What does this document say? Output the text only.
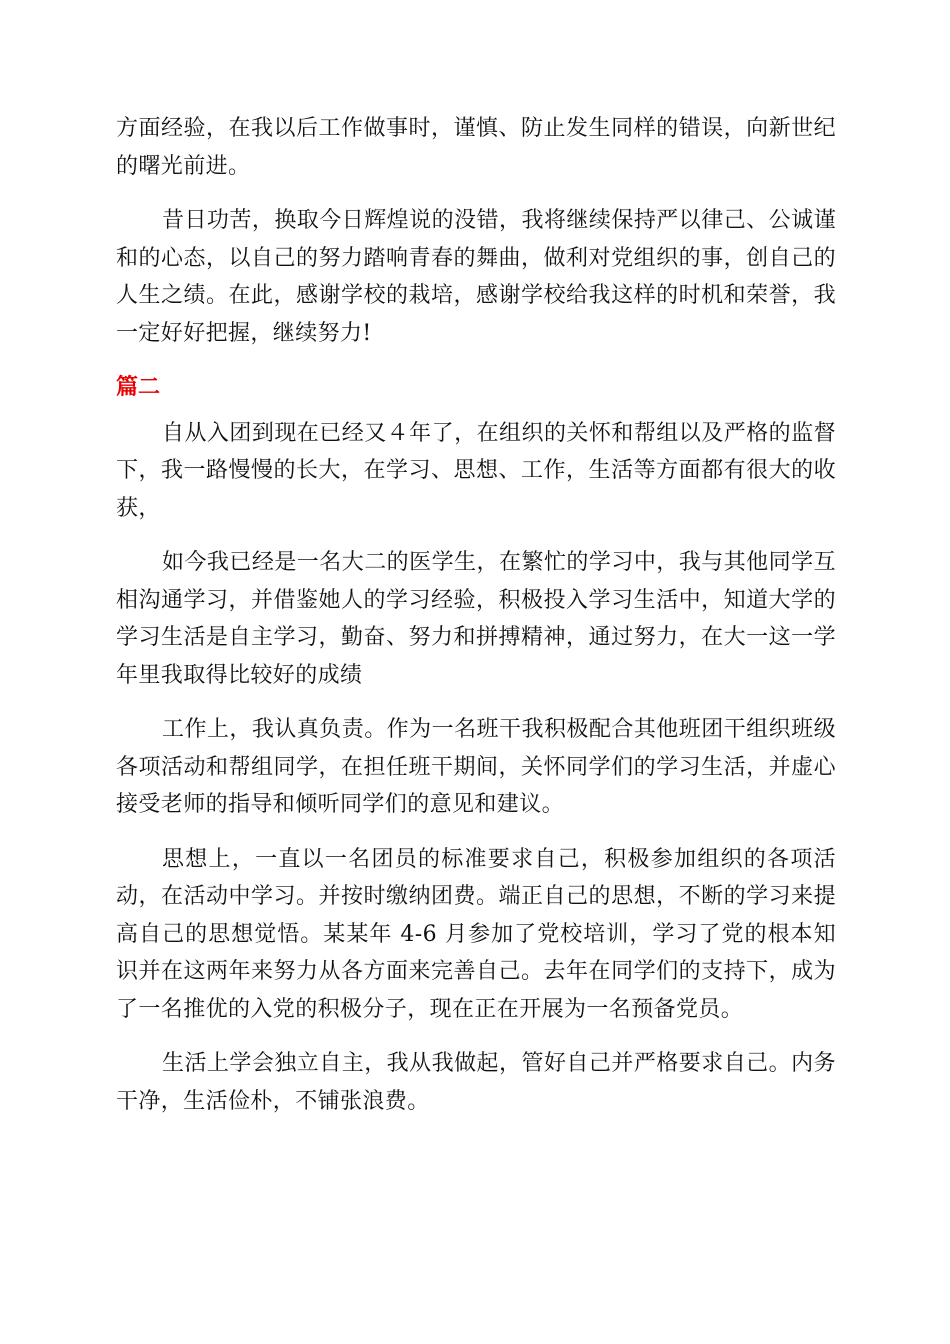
方面经验，在我以后工作做事时，谨慎、防止发生同样的错误，向新世纪的曙光前进。

昔日功苦，换取今日辉煌说的没错，我将继续保持严以律己、公诚谨和的心态，以自己的努力踏响青春的舞曲，做利对党组织的事，创自己的人生之绩。在此，感谢学校的栽培，感谢学校给我这样的时机和荣誉，我一定好好把握，继续努力!

篇二

自从入团到现在已经又４年了，在组织的关怀和帮组以及严格的监督下，我一路慢慢的长大，在学习、思想、工作，生活等方面都有很大的收获，

如今我已经是一名大二的医学生，在繁忙的学习中，我与其他同学互相沟通学习，并借鉴她人的学习经验，积极投入学习生活中，知道大学的学习生活是自主学习，勤奋、努力和拼搏精神，通过努力，在大一这一学年里我取得比较好的成绩

工作上，我认真负责。作为一名班干我积极配合其他班团干组织班级各项活动和帮组同学，在担任班干期间，关怀同学们的学习生活，并虚心接受老师的指导和倾听同学们的意见和建议。

思想上，一直以一名团员的标准要求自己，积极参加组织的各项活动，在活动中学习。并按时缴纳团费。端正自己的思想，不断的学习来提高自己的思想觉悟。某某年 4-6 月参加了党校培训，学习了党的根本知识并在这两年来努力从各方面来完善自己。去年在同学们的支持下，成为了一名推优的入党的积极分子，现在正在开展为一名预备党员。

生活上学会独立自主，我从我做起，管好自己并严格要求自己。内务干净，生活俭朴，不铺张浪费。
